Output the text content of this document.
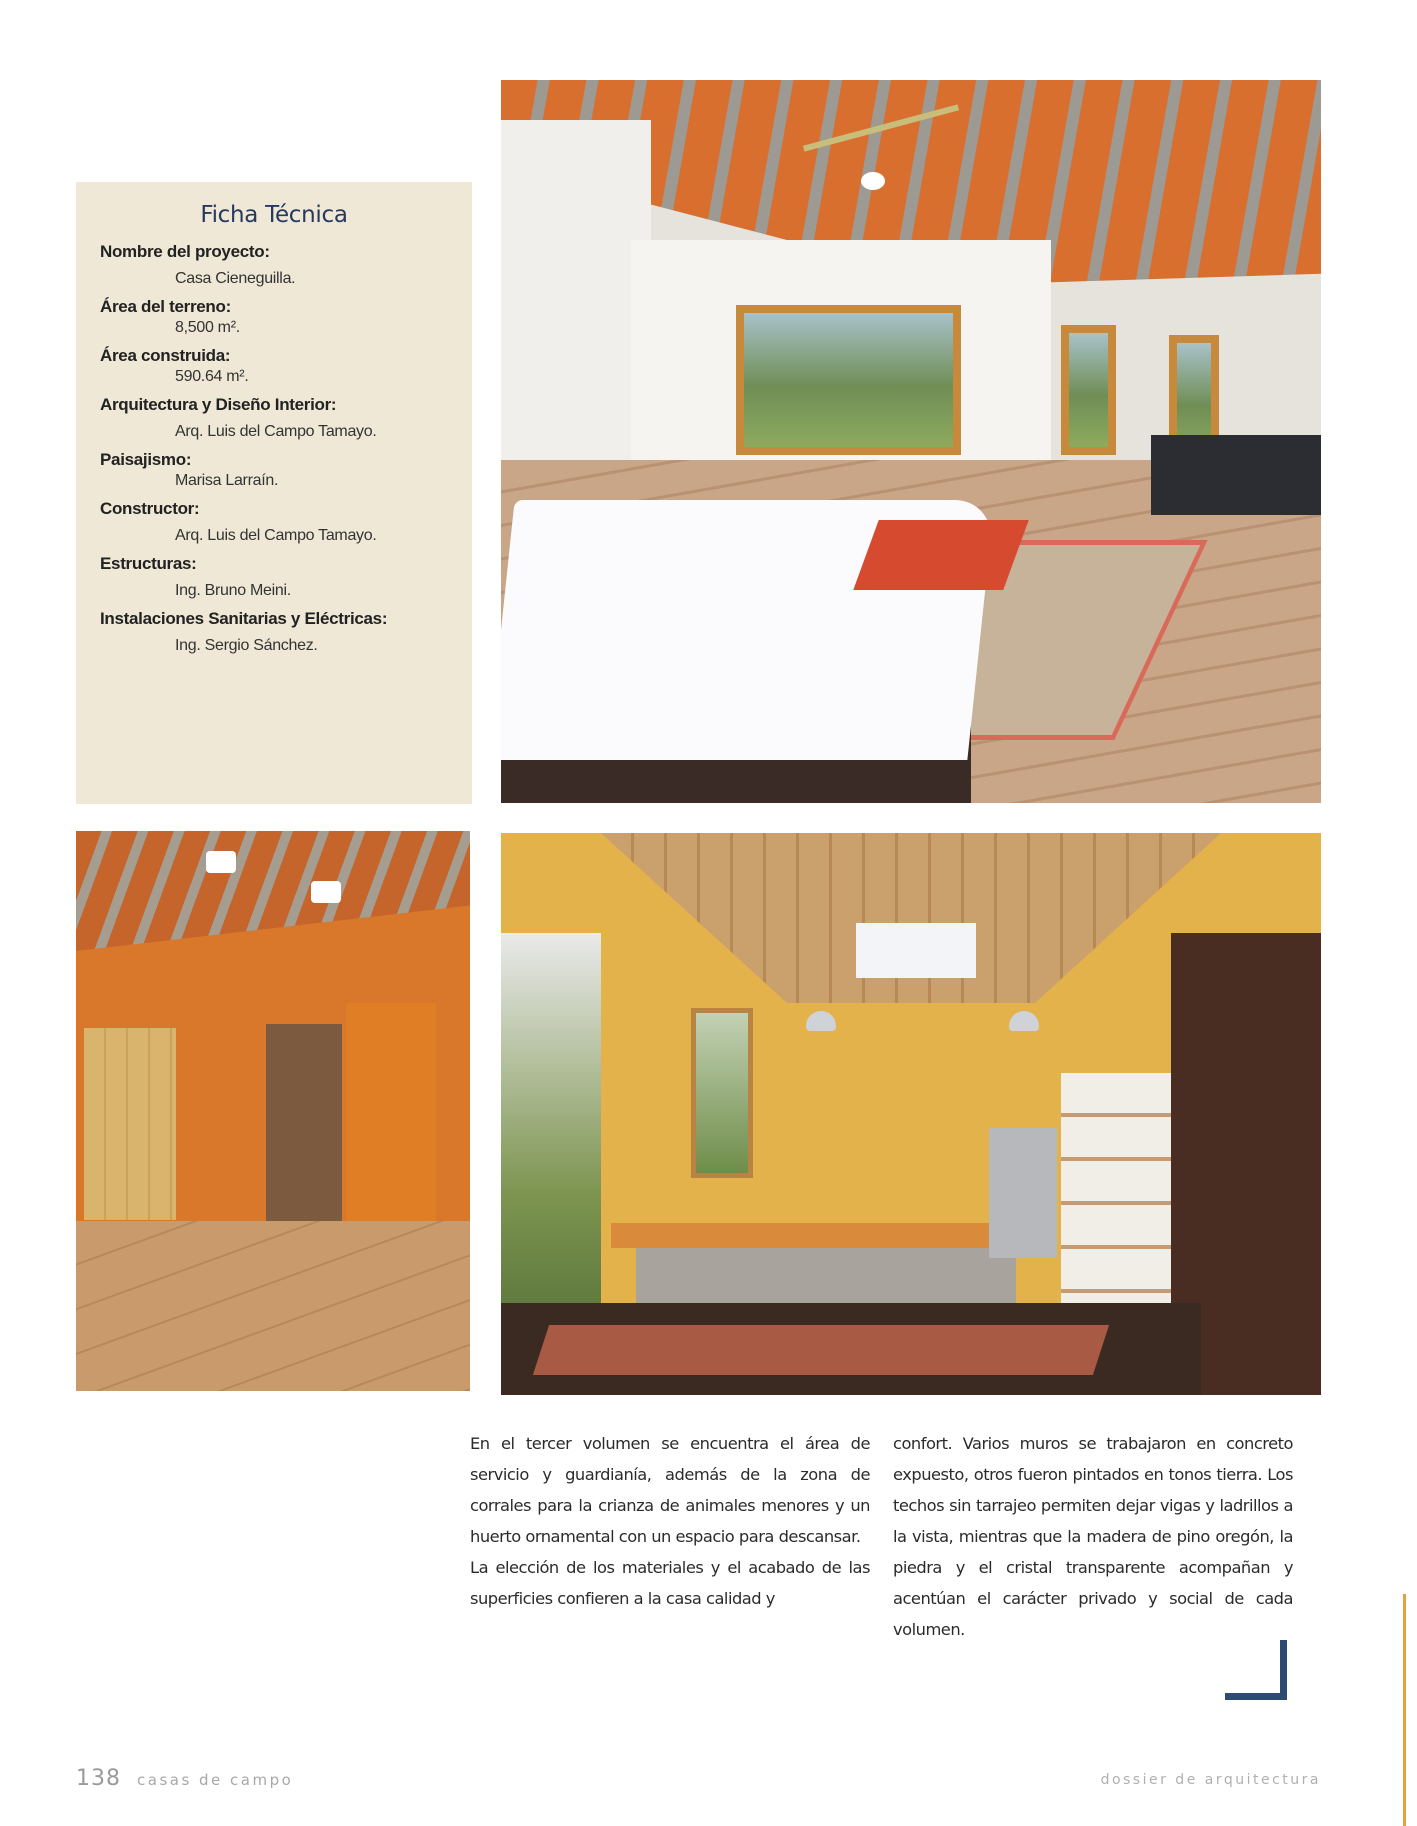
Ficha Técnica
Nombre del proyecto:
Casa Cieneguilla.
Área del terreno:
8,500 m².
Área construida:
590.64 m².
Arquitectura y Diseño Interior:
Arq. Luis del Campo Tamayo.
Paisajismo:
Marisa Larraín.
Constructor:
Arq. Luis del Campo Tamayo.
Estructuras:
Ing. Bruno Meini.
Instalaciones Sanitarias y Eléctricas:
Ing. Sergio Sánchez.

En el tercer volumen se encuentra el área de servicio y guardianía, además de la zona de corrales para la crianza de animales menores y un huerto ornamental con un espacio para descansar.

La elección de los materiales y el acabado de las superficies confieren a la casa calidad y

confort. Varios muros se trabajaron en concreto expuesto, otros fueron pintados en tonos tierra. Los techos sin tarrajeo permiten dejar vigas y ladrillos a la vista, mientras que la madera de pino oregón, la piedra y el cristal transparente acompañan y acentúan el carácter privado y social de cada volumen.

138 casas de campo	dossier de arquitectura
